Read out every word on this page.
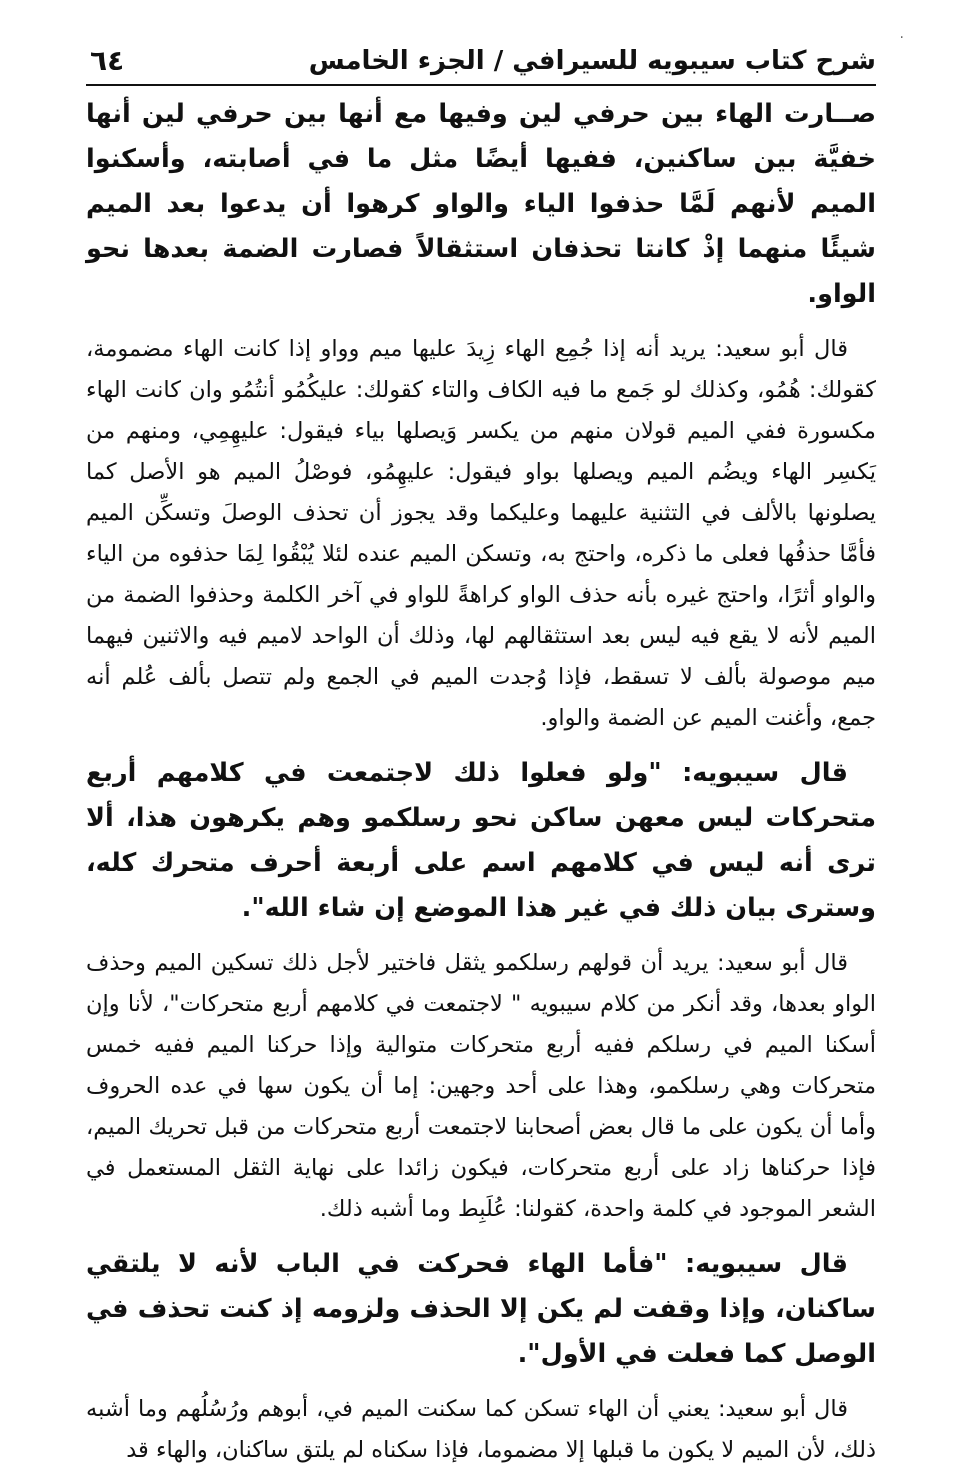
·
شرح كتاب سيبويه للسيرافي / الجزء الخامس
٦٤

صــارت الهاء بين حرفي لين وفيها مع أنها بين حرفي لين أنها خفيَّة بين ساكنين، ففيها أيضًا مثل ما في أصابته، وأسكنوا الميم لأنهم لَمَّا حذفوا الياء والواو كرهوا أن يدعوا بعد الميم شيئًا منهما إذْ كانتا تحذفان استثقالاً فصارت الضمة بعدها نحو الواو.

قال أبو سعيد: يريد أنه إذا جُمِع الهاء زِيدَ عليها ميم وواو إذا كانت الهاء مضمومة، كقولك: هُمُو، وكذلك لو جَمع ما فيه الكاف والتاء كقولك: عليكُمُو أنتُمُو وان كانت الهاء مكسورة ففي الميم قولان منهم من يكسر وَيصلها بياء فيقول: عليهِمِي، ومنهم من يَكسِر الهاء ويضُم الميم ويصلها بواو فيقول: عليهِمُو، فوصْلُ الميم هو الأصل كما يصلونها بالألف في التثنية عليهما وعليكما وقد يجوز أن تحذف الوصلَ وتسكِّن الميم فأمَّا حذفُها فعلى ما ذكره، واحتج به، وتسكن الميم عنده لئلا يُبْقُوا لِمَا حذفوه من الياء والواو أثرًا، واحتج غيره بأنه حذف الواو كراهةً للواو في آخر الكلمة وحذفوا الضمة من الميم لأنه لا يقع فيه ليس بعد استثقالهم لها، وذلك أن الواحد لاميم فيه والاثنين فيهما ميم موصولة بألف لا تسقط، فإذا وُجدت الميم في الجمع ولم تتصل بألف عُلم أنه جمع، وأغنت الميم عن الضمة والواو.

قال سيبويه: "ولو فعلوا ذلك لاجتمعت في كلامهم أربع متحركات ليس معهن ساكن نحو رسلكمو وهم يكرهون هذا، ألا ترى أنه ليس في كلامهم اسم على أربعة أحرف متحرك كله، وسترى بيان ذلك في غير هذا الموضع إن شاء الله".

قال أبو سعيد: يريد أن قولهم رسلكمو يثقل فاختير لأجل ذلك تسكين الميم وحذف الواو بعدها، وقد أنكر من كلام سيبويه " لاجتمعت في كلامهم أربع متحركات"، لأنا وإن أسكنا الميم في رسلكم ففيه أربع متحركات متوالية وإذا حركنا الميم ففيه خمس متحركات وهي رسلكمو، وهذا على أحد وجهين: إما أن يكون سها في عده الحروف وأما أن يكون على ما قال بعض أصحابنا لاجتمعت أربع متحركات من قبل تحريك الميم، فإذا حركناها زاد على أربع متحركات، فيكون زائدا على نهاية الثقل المستعمل في الشعر الموجود في كلمة واحدة، كقولنا: عُلَبِط وما أشبه ذلك.

قال سيبويه: "فأما الهاء فحركت في الباب لأنه لا يلتقي ساكنان، وإذا وقفت لم يكن إلا الحذف ولزومه إذ كنت تحذف في الوصل كما فعلت في الأول".

قال أبو سعيد: يعني أن الهاء تسكن كما سكنت الميم في، أبوهم ورُسُلُهم وما أشبه ذلك، لأن الميم لا يكون ما قبلها إلا مضموما، فإذا سكناه لم يلتق ساكنان، والهاء قد
